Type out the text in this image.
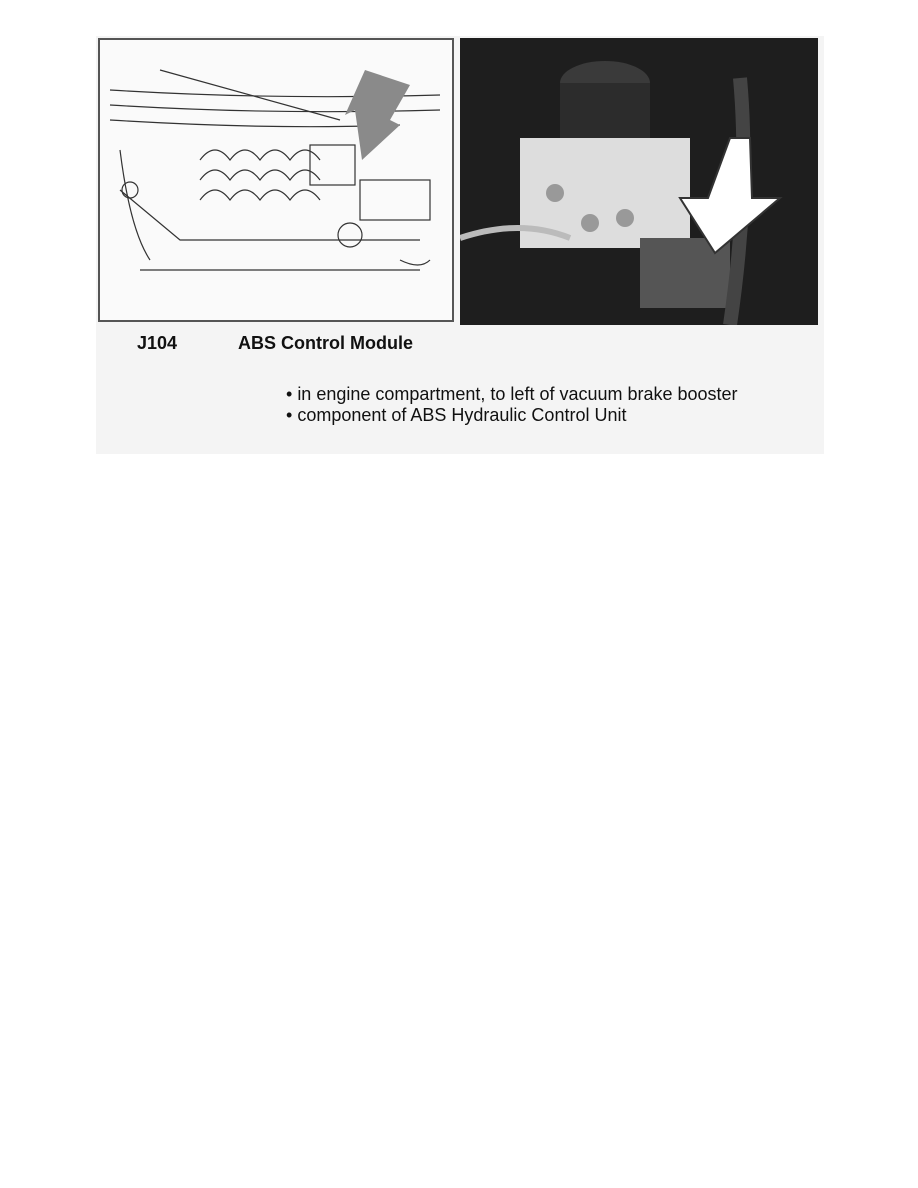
J104	ABS Control Module
• in engine compartment, to left of vacuum brake booster
• component of ABS Hydraulic Control Unit
